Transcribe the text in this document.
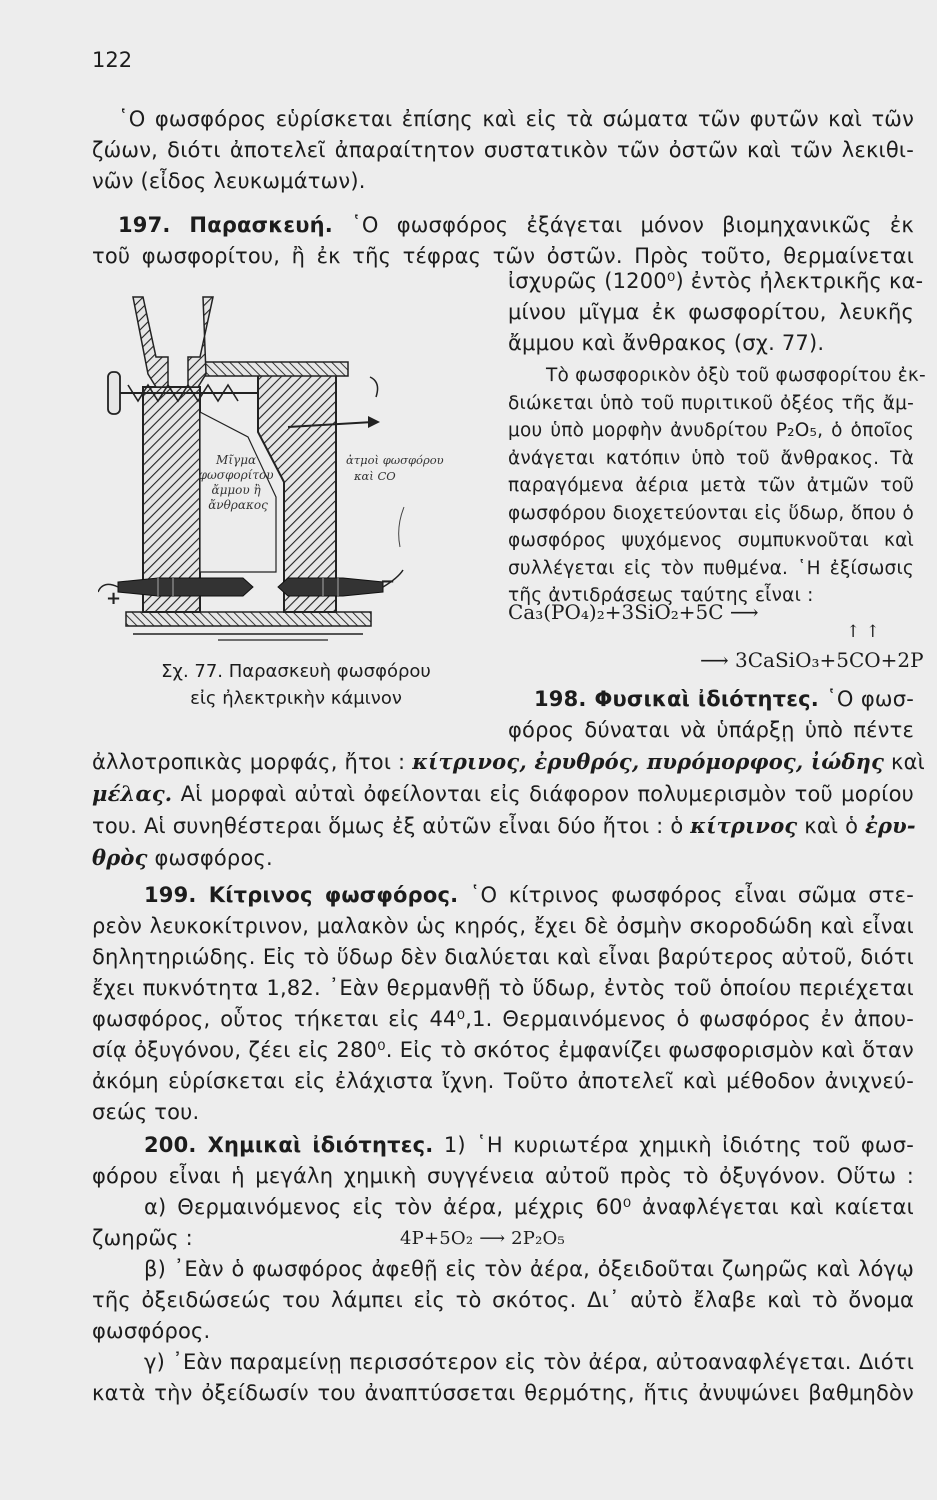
122
῾Ο φωσφόρος εὑρίσκεται ἐπίσης καὶ εἰς τὰ σώματα τῶν φυτῶν καὶ τῶν
ζώων, διότι ἀποτελεῖ ἀπαραίτητον συστατικὸν τῶν ὀστῶν καὶ τῶν λεκιθι-
νῶν (εἶδος λευκωμάτων).
197. Παρασκευή. ῾Ο φωσφόρος ἐξάγεται μόνον βιομηχανικῶς ἐκ
τοῦ φωσφορίτου, ἢ ἐκ τῆς τέφρας τῶν ὀστῶν. Πρὸς τοῦτο, θερμαίνεται
ἰσχυρῶς (1200⁰) ἐντὸς ἠλεκτρικῆς κα-
μίνου μῖγμα ἐκ φωσφορίτου, λευκῆς
ἄμμου καὶ ἄνθρακος (σχ. 77).
Τὸ φωσφορικὸν ὀξὺ τοῦ φωσφορίτου ἐκ-
διώκεται ὑπὸ τοῦ πυριτικοῦ ὀξέος τῆς ἄμ-
μου ὑπὸ μορφὴν ἀνυδρίτου P₂O₅, ὁ ὁποῖος
ἀνάγεται κατόπιν ὑπὸ τοῦ ἄνθρακος. Τὰ
παραγόμενα ἀέρια μετὰ τῶν ἀτμῶν τοῦ
φωσφόρου διοχετεύονται εἰς ὕδωρ, ὅπου ὁ
φωσφόρος ψυχόμενος συμπυκνοῦται καὶ
συλλέγεται εἰς τὸν πυθμένα. ῾Η ἐξίσωσις
τῆς ἀντιδράσεως ταύτης εἶναι :
Ca₃(PO₄)₂+3SiO₂+5C ⟶
↑ ↑
⟶ 3CaSiO₃+5CO+2P
Μῖγμα φωσφορίτου ἄμμου ἢ ἄνθρακος
ἀτμοὶ φωσφόρου καὶ CO
+
−
Σχ. 77. Παρασκευὴ φωσφόρου
εἰς ἠλεκτρικὴν κάμινον	198. Φυσικαὶ ἰδιότητες. ῾Ο φωσ-
φόρος δύναται νὰ ὑπάρξῃ ὑπὸ πέντε
ἀλλοτροπικὰς μορφάς, ἤτοι : κίτρινος, ἐρυθρός, πυρόμορφος, ἰώδης καὶ
μέλας. Αἱ μορφαὶ αὐταὶ ὀφείλονται εἰς διάφορον πολυμερισμὸν τοῦ μορίου
του. Αἱ συνηθέστεραι ὅμως ἐξ αὐτῶν εἶναι δύο ἤτοι : ὁ κίτρινος καὶ ὁ ἐρυ-
θρὸς φωσφόρος.
199. Κίτρινος φωσφόρος. ῾Ο κίτρινος φωσφόρος εἶναι σῶμα στε-
ρεὸν λευκοκίτρινον, μαλακὸν ὡς κηρός, ἔχει δὲ ὀσμὴν σκοροδώδη καὶ εἶναι
δηλητηριώδης. Εἰς τὸ ὕδωρ δὲν διαλύεται καὶ εἶναι βαρύτερος αὐτοῦ, διότι
ἔχει πυκνότητα 1,82. ᾿Εὰν θερμανθῇ τὸ ὕδωρ, ἐντὸς τοῦ ὁποίου περιέχεται
φωσφόρος, οὗτος τήκεται εἰς 44⁰,1. Θερμαινόμενος ὁ φωσφόρος ἐν ἀπου-
σίᾳ ὀξυγόνου, ζέει εἰς 280⁰. Εἰς τὸ σκότος ἐμφανίζει φωσφορισμὸν καὶ ὅταν
ἀκόμη εὑρίσκεται εἰς ἐλάχιστα ἴχνη. Τοῦτο ἀποτελεῖ καὶ μέθοδον ἀνιχνεύ-
σεώς του.
200. Χημικαὶ ἰδιότητες. 1) ῾Η κυριωτέρα χημικὴ ἰδιότης τοῦ φωσ-
φόρου εἶναι ἡ μεγάλη χημικὴ συγγένεια αὐτοῦ πρὸς τὸ ὀξυγόνον. Οὕτω :
α) Θερμαινόμενος εἰς τὸν ἀέρα, μέχρις 60⁰ ἀναφλέγεται καὶ καίεται
ζωηρῶς :	4P+5O₂ ⟶ 2P₂O₅
β) ᾿Εὰν ὁ φωσφόρος ἀφεθῇ εἰς τὸν ἀέρα, ὀξειδοῦται ζωηρῶς καὶ λόγῳ
τῆς ὀξειδώσεώς του λάμπει εἰς τὸ σκότος. Δι᾿ αὐτὸ ἔλαβε καὶ τὸ ὄνομα
φωσφόρος.
γ) ᾿Εὰν παραμείνῃ περισσότερον εἰς τὸν ἀέρα, αὐτοαναφλέγεται. Διότι
κατὰ τὴν ὀξείδωσίν του ἀναπτύσσεται θερμότης, ἥτις ἀνυψώνει βαθμηδὸν
